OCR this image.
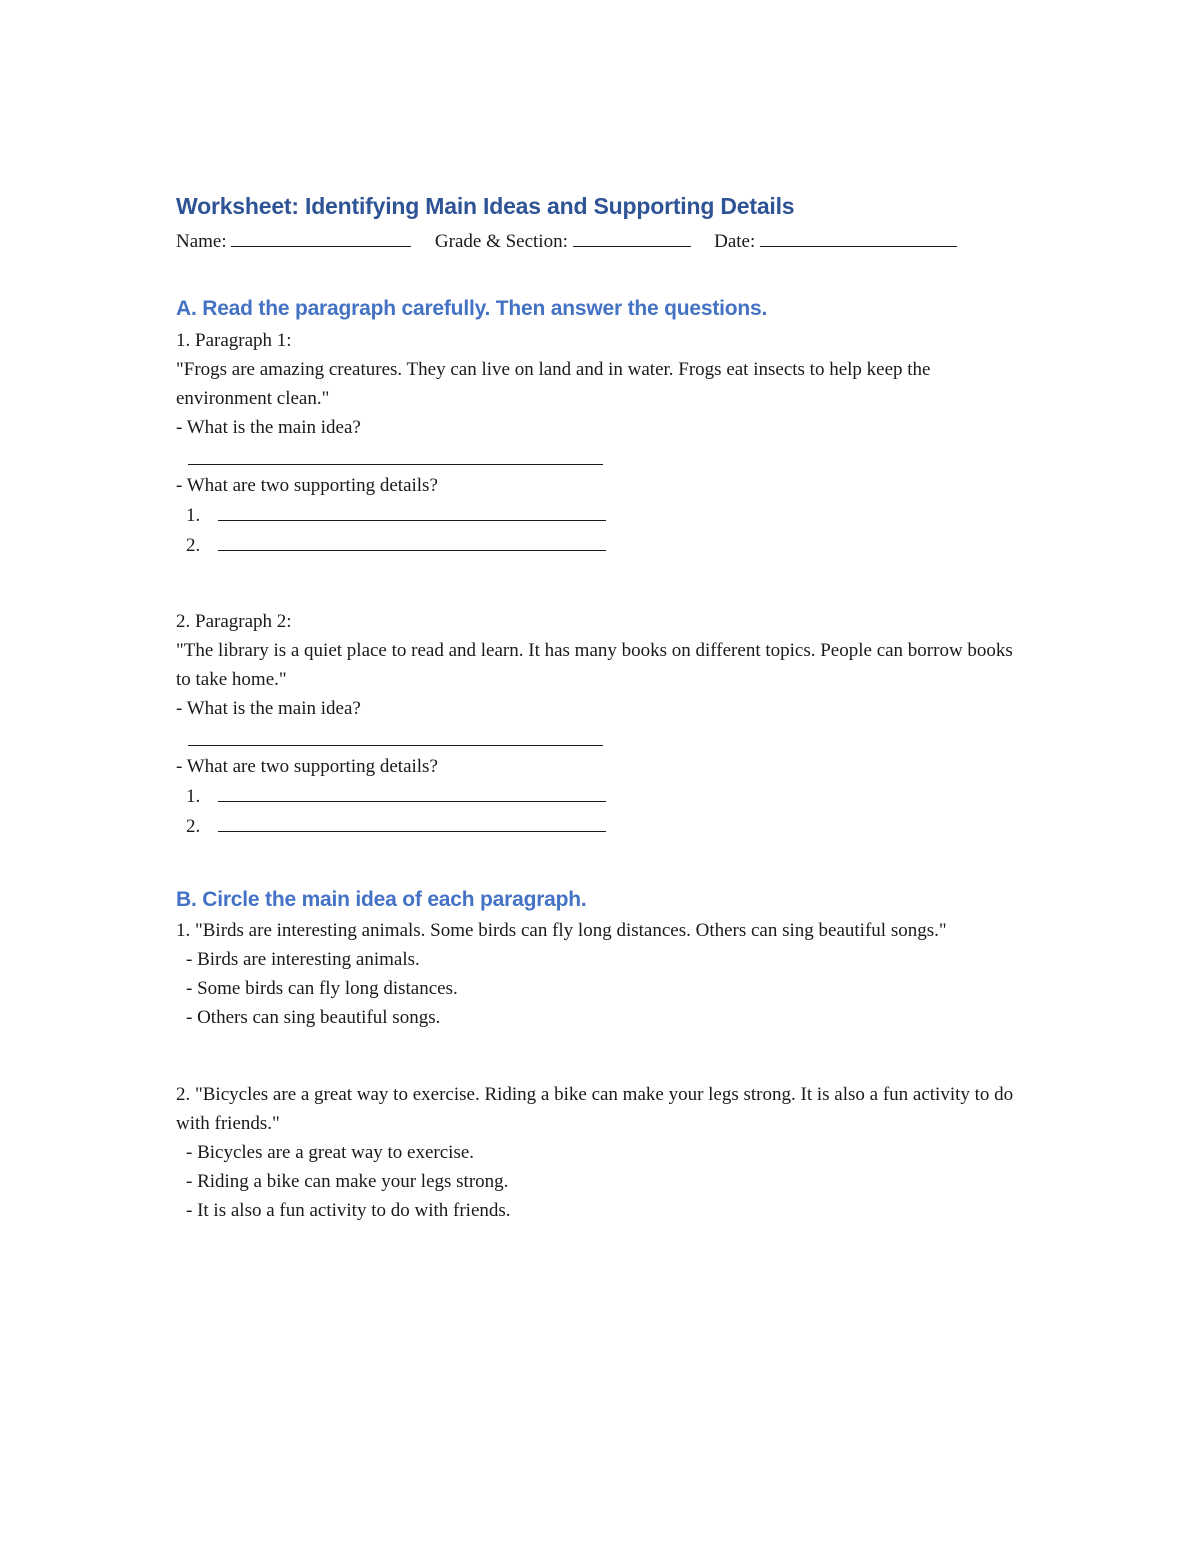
Worksheet: Identifying Main Ideas and Supporting Details
Name:	Grade & Section:	Date:
A. Read the paragraph carefully. Then answer the questions.

1. Paragraph 1:

"Frogs are amazing creatures. They can live on land and in water. Frogs eat insects to help keep the environment clean."

- What is the main idea?

- What are two supporting details?

1.

2.

2. Paragraph 2:

"The library is a quiet place to read and learn. It has many books on different topics. People can borrow books to take home."

- What is the main idea?

- What are two supporting details?

1.

2.

B. Circle the main idea of each paragraph.

1. "Birds are interesting animals. Some birds can fly long distances. Others can sing beautiful songs."

- Birds are interesting animals.

- Some birds can fly long distances.

- Others can sing beautiful songs.

2. "Bicycles are a great way to exercise. Riding a bike can make your legs strong. It is also a fun activity to do with friends."

- Bicycles are a great way to exercise.

- Riding a bike can make your legs strong.

- It is also a fun activity to do with friends.
